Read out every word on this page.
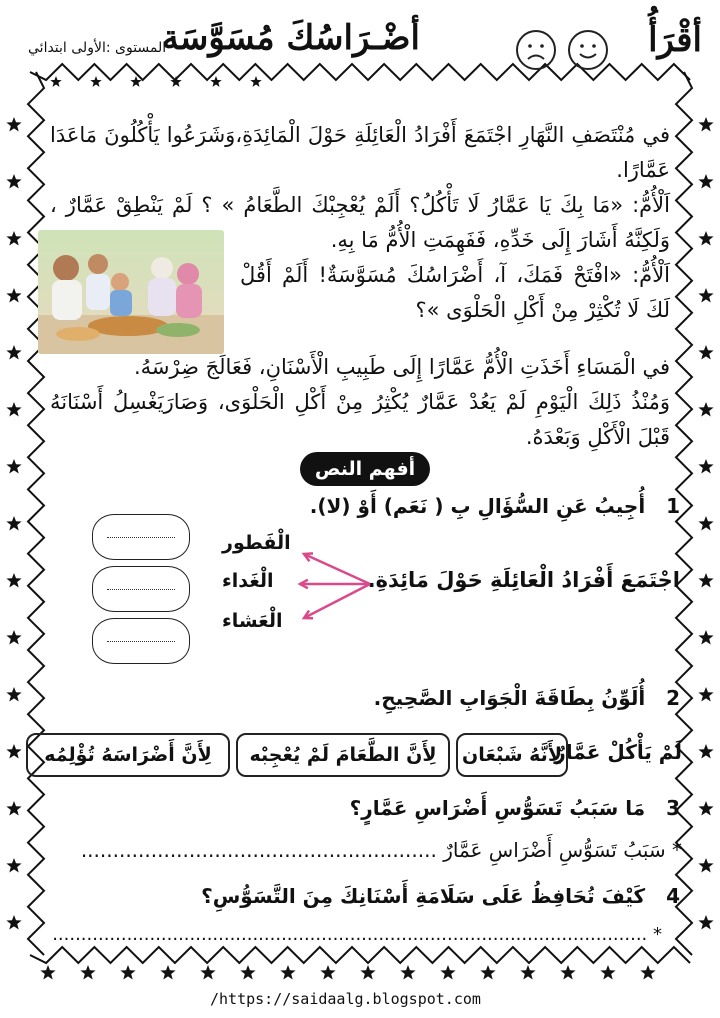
أقْرَأُ
أضْـرَاسُكَ مُسَوَّسَة
المستوى :الأولى ابتدائي

في مُنْتَصَفِ النَّهَارِ اجْتَمَعَ أَفْرَادُ الْعَائِلَةِ حَوْلَ الْمَائِدَةِ،وَشَرَعُوا يَأْكُلُونَ مَاعَدَا عَمَّارًا.

اَلْأُمُّ: «مَا بِكَ يَا عَمَّارُ لَا تَأْكُلُ؟ أَلَمْ يُعْجِبْكَ الطَّعَامُ » ؟ لَمْ يَنْطِقْ عَمَّارٌ ، وَلَكِنَّهُ أَشَارَ إِلَى خَدِّهِ، فَفَهِمَتِ الْأُمُّ مَا بِهِ.

اَلْأُمُّ: «افْتَحْ فَمَكَ، آ، أَضْرَاسُكَ مُسَوَّسَةٌ! أَلَمْ أَقُلْ لَكَ لَا تُكْثِرْ مِنْ أَكْلِ الْحَلْوَى »؟

في الْمَسَاءِ أَخَذَتِ الْأُمُّ عَمَّارًا إِلَى طَبِيبِ الْأَسْنَانِ، فَعَالَجَ ضِرْسَهُ.

وَمُنْذُ ذَلِكَ الْيَوْمِ لَمْ يَعُدْ عَمَّارٌ يُكْثِرُ مِنْ أَكْلِ الْحَلْوَى، وَصَارَيَغْسِلُ أَسْنَانَهُ قَبْلَ الْأَكْلِ وَبَعْدَهُ.

أفهم النص
1   أُجِيبُ عَنِ السُّؤَالِ بِ ( نَعَم) أَوْ (لا).
اجْتَمَعَ أَفْرَادُ الْعَائِلَةِ حَوْلَ مَائِدَةِ.
الْفَطور
الْغَداء
الْعَشاء
2   أُلَوِّنُ بِطَاقَةَ الْجَوَابِ الصَّحِيحِ.
لَمْ يَأْكُلْ عَمَّارٌ
لِأَنَّهُ شَبْعَان
لِأَنَّ الطَّعَامَ لَمْ يُعْجِبْه
لِأَنَّ أَضْرَاسَهُ تُؤْلِمُه
3   مَا سَبَبُ تَسَوُّسِ أَضْرَاسِ عَمَّارٍ؟
* سَبَبُ تَسَوُّسِ أَضْرَاسِ عَمَّارٌ ........................................................
4   كَيْفَ تُحَافِظُ عَلَى سَلَامَةِ أَسْنَانِكَ مِنَ التَّسَوُّسِ؟
* ........................................................................................................
/https://saidaalg.blogspot.com
